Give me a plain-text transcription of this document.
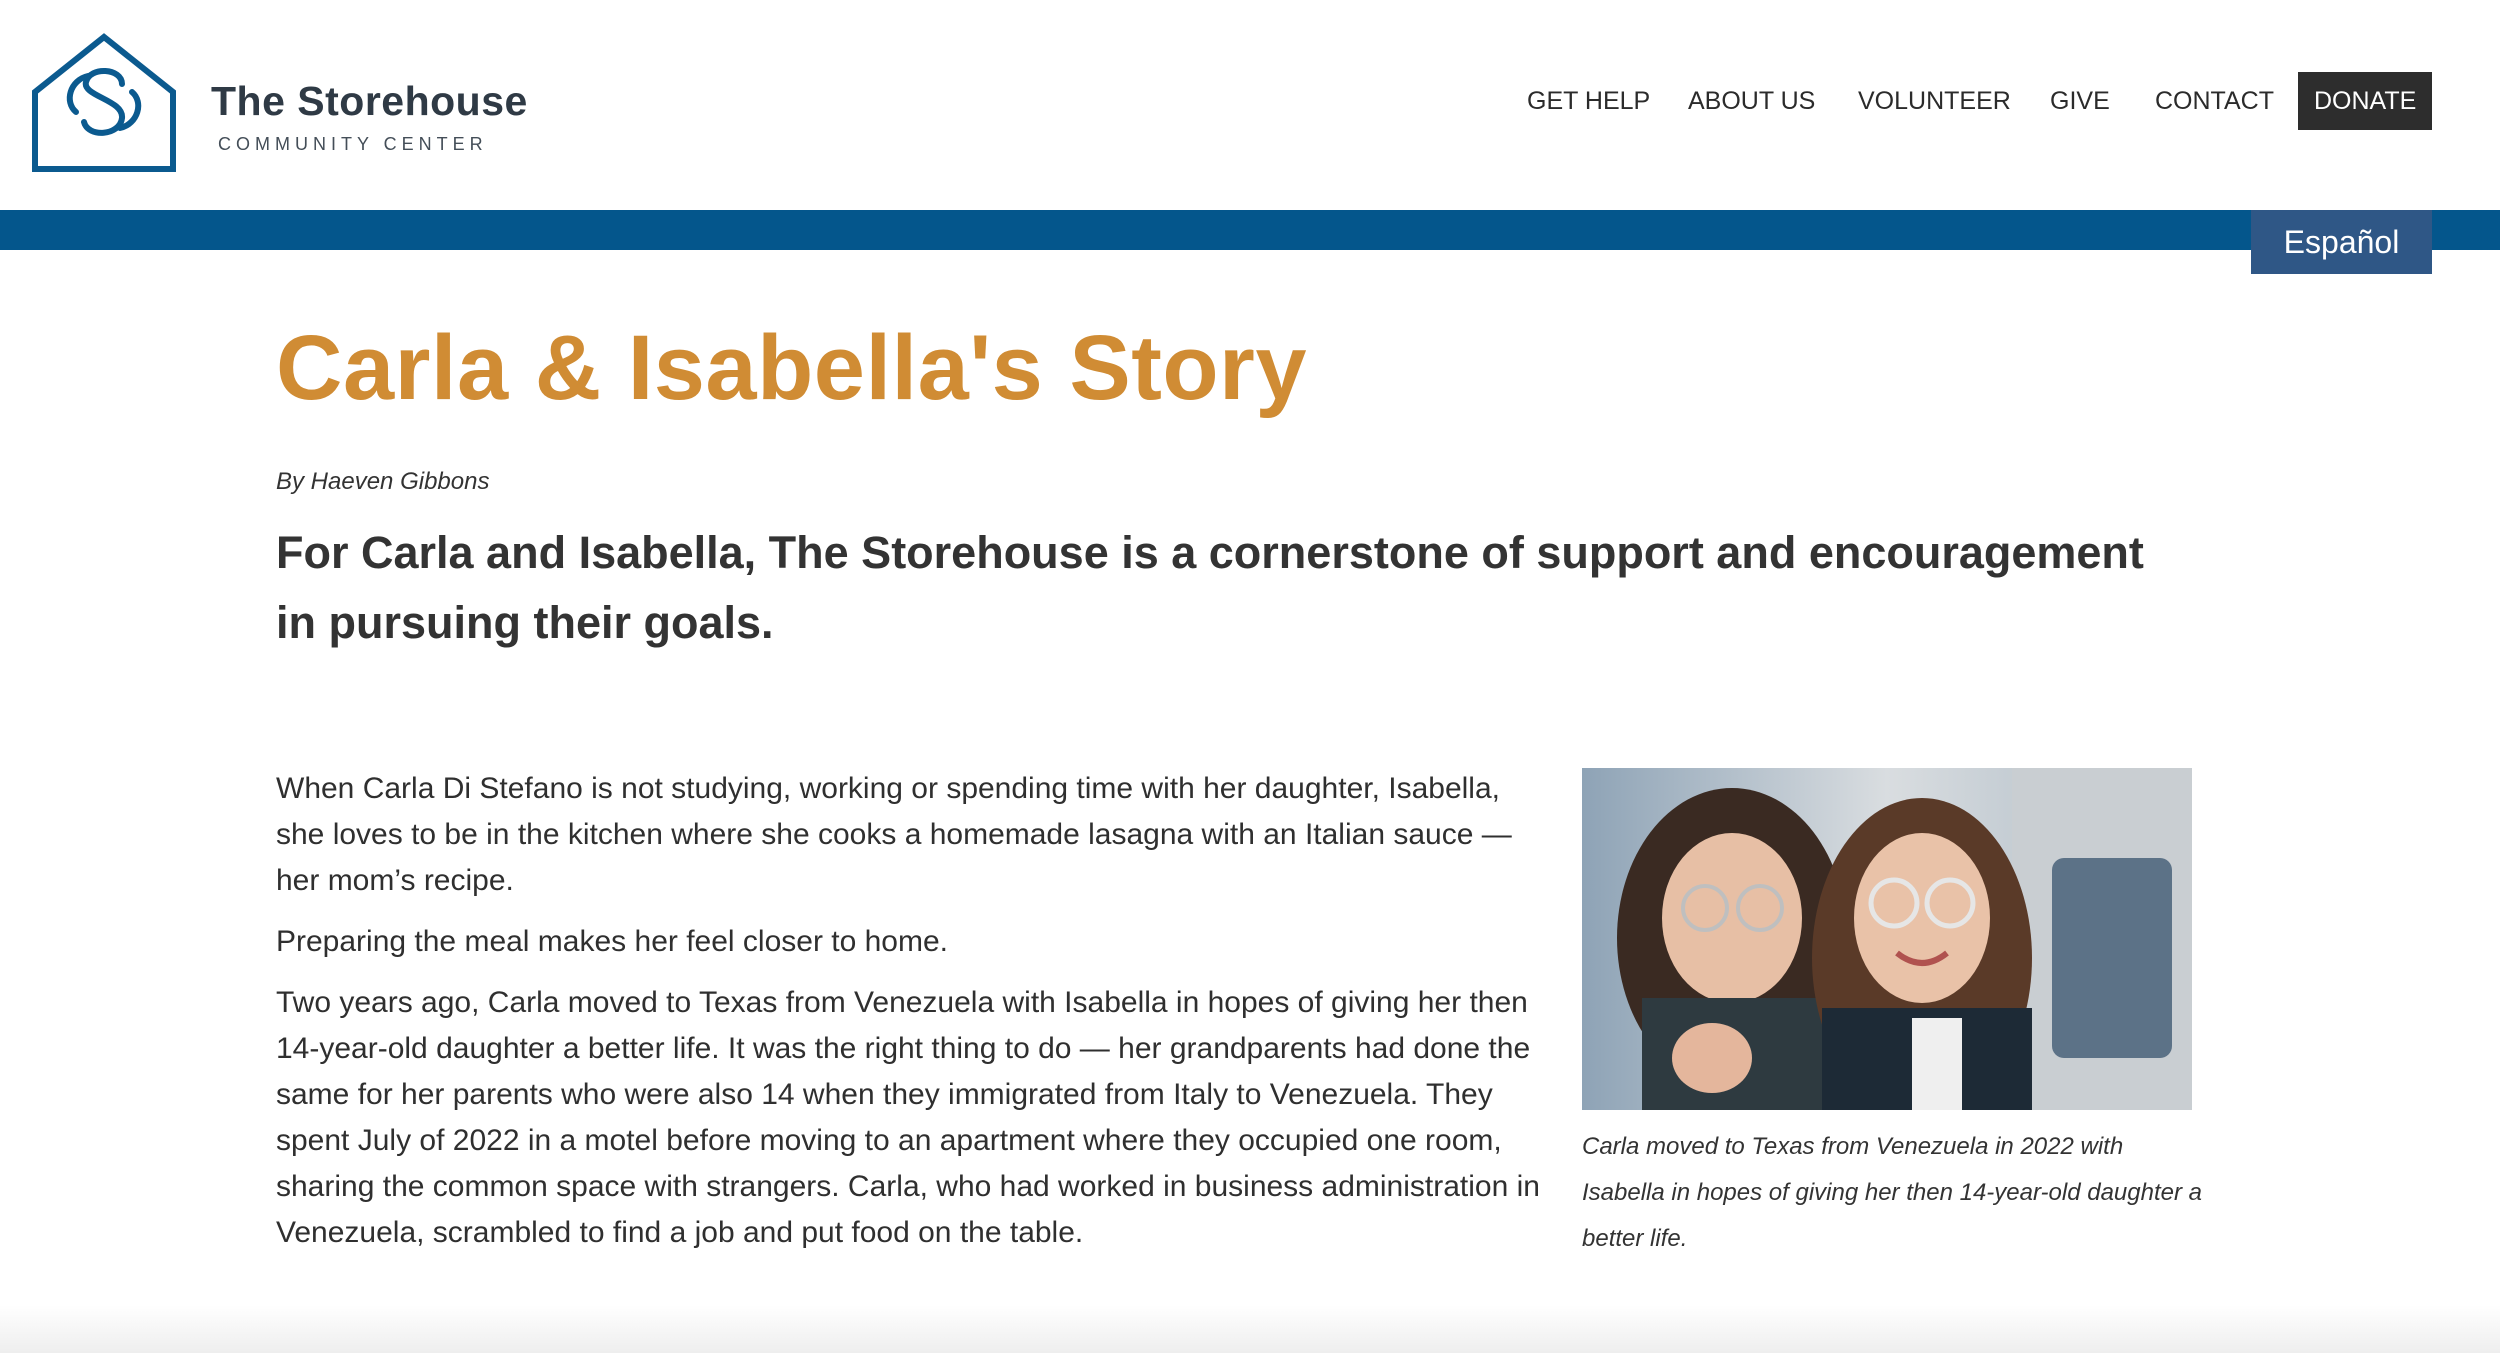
The Storehouse
COMMUNITY CENTER
GET HELP ABOUT US VOLUNTEER GIVE CONTACT	DONATE
Español
Carla & Isabella's Story
By Haeven Gibbons
For Carla and Isabella, The Storehouse is a cornerstone of support and encouragement in pursuing their goals.

When Carla Di Stefano is not studying, working or spending time with her daughter, Isabella, she loves to be in the kitchen where she cooks a homemade lasagna with an Italian sauce — her mom’s recipe.

Preparing the meal makes her feel closer to home.

Two years ago, Carla moved to Texas from Venezuela with Isabella in hopes of giving her then 14-year-old daughter a better life. It was the right thing to do — her grandparents had done the same for her parents who were also 14 when they immigrated from Italy to Venezuela. They spent July of 2022 in a motel before moving to an apartment where they occupied one room, sharing the common space with strangers. Carla, who had worked in business administration in Venezuela, scrambled to find a job and put food on the table.

Carla moved to Texas from Venezuela in 2022 with Isabella in hopes of giving her then 14-year-old daughter a better life.
